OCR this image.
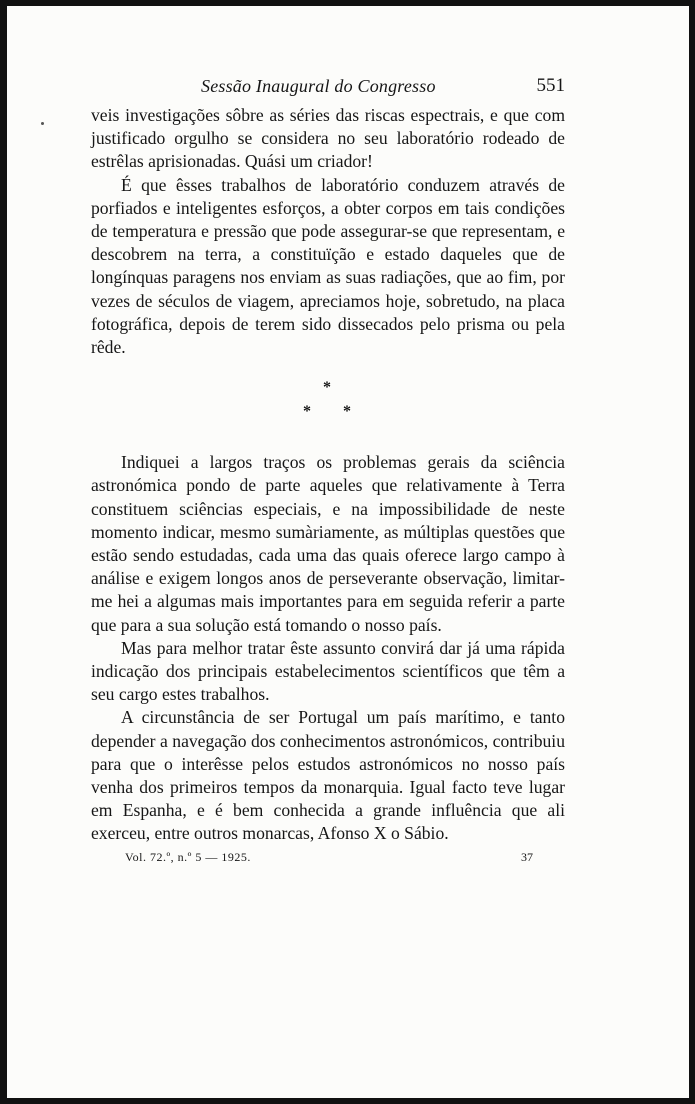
Sessão Inaugural do Congresso	551

veis investigações sôbre as séries das riscas espectrais, e que com justificado orgulho se considera no seu laboratório rodeado de estrêlas aprisionadas. Quási um criador!

É que êsses trabalhos de laboratório conduzem através de porfiados e inteligentes esforços, a obter corpos em tais condições de temperatura e pressão que pode assegurar-se que representam, e descobrem na terra, a constituïção e estado daqueles que de longínquas paragens nos enviam as suas radiações, que ao fim, por vezes de séculos de viagem, apreciamos hoje, sobretudo, na placa fotográfica, depois de terem sido dissecados pelo prisma ou pela rêde.

*
* *

Indiquei a largos traços os problemas gerais da sciência astronómica pondo de parte aqueles que relativamente à Terra constituem sciências especiais, e na impossibilidade de neste momento indicar, mesmo sumàriamente, as múltiplas questões que estão sendo estudadas, cada uma das quais oferece largo campo à análise e exigem longos anos de perseverante observação, limitar-me hei a algumas mais importantes para em seguida referir a parte que para a sua solução está tomando o nosso país.

Mas para melhor tratar êste assunto convirá dar já uma rápida indicação dos principais estabelecimentos scientíficos que têm a seu cargo estes trabalhos.

A circunstância de ser Portugal um país marítimo, e tanto depender a navegação dos conhecimentos astronómicos, contribuiu para que o interêsse pelos estudos astronómicos no nosso país venha dos primeiros tempos da monarquia. Igual facto teve lugar em Espanha, e é bem conhecida a grande influência que ali exerceu, entre outros monarcas, Afonso X o Sábio.

Vol. 72.º, n.º 5 — 1925.	37
